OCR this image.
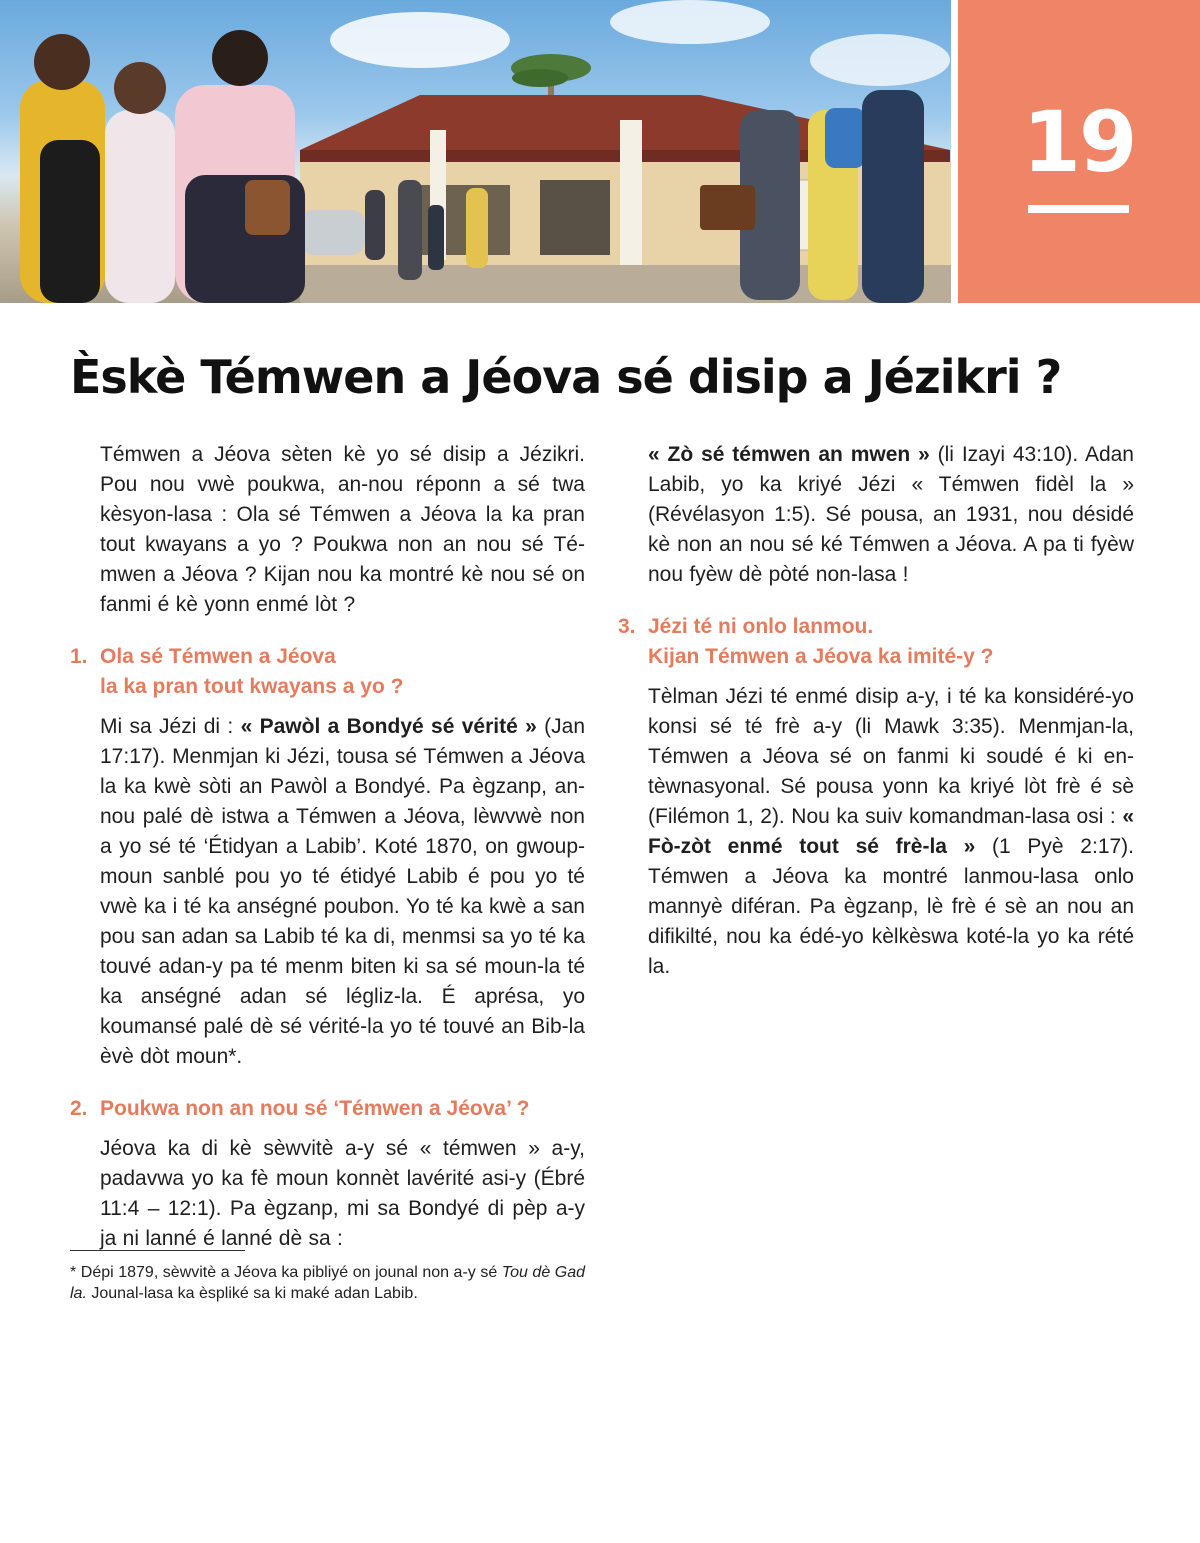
19
Èskè Témwen a Jéova sé disip a Jézikri ?

Témwen a Jéova sèten kè yo sé disip a Jézikri. Pou nou vwè poukwa, an-nou réponn a sé twa kèsyon-lasa : Ola sé Témwen a Jéova la ka pran tout kwayans a yo ? Poukwa non an nou sé Témwen a Jéova ? Kijan nou ka montré kè nou sé on fanmi é kè yonn enmé lòt ?

1. Ola sé Témwen a Jéova
la ka pran tout kwayans a yo ?

Mi sa Jézi di : « Pawòl a Bondyé sé vérité » (Jan 17:17). Menmjan ki Jézi, tousa sé Témwen a Jéova la ka kwè sòti an Pawòl a Bondyé. Pa ègzanp, an-nou palé dè istwa a Témwen a Jéova, lèwvwè non a yo sé té ‘Étidyan a Labib’. Koté 1870, on gwoup-moun sanblé pou yo té étidyé Labib é pou yo té vwè ka i té ka anségné poubon. Yo té ka kwè a san pou san adan sa Labib té ka di, menmsi sa yo té ka touvé adan-y pa té menm biten ki sa sé moun-la té ka anségné adan sé légliz-la. É aprésa, yo koumansé palé dè sé vérité-la yo té touvé an Bib-la èvè dòt moun*.

2. Poukwa non an nou sé ‘Témwen a Jéova’ ?

Jéova ka di kè sèwvitè a-y sé « témwen » a-y, padavwa yo ka fè moun konnèt lavérité asi-y (Ébré 11:4 – 12:1). Pa ègzanp, mi sa Bondyé di pèp a-y ja ni lanné é lanné dè sa :

« Zò sé témwen an mwen » (li Izayi 43:10). Adan Labib, yo ka kriyé Jézi « Témwen fidèl la » (Révélasyon 1:5). Sé pousa, an 1931, nou désidé kè non an nou sé ké Témwen a Jéova. A pa ti fyèw nou fyèw dè pòté non-lasa !

3. Jézi té ni onlo lanmou.
Kijan Témwen a Jéova ka imité-y ?

Tèlman Jézi té enmé disip a-y, i té ka konsidéré-yo konsi sé té frè a-y (li Mawk 3:35). Menmjan-la, Témwen a Jéova sé on fanmi ki soudé é ki entèwnasyonal. Sé pousa yonn ka kriyé lòt frè é sè (Filémon 1, 2). Nou ka suiv komandman-lasa osi : « Fò-zòt enmé tout sé frè-la » (1 Pyè 2:17). Témwen a Jéova ka montré lanmou-lasa onlo mannyè diféran. Pa ègzanp, lè frè é sè an nou an difikilté, nou ka édé-yo kèlkèswa koté-la yo ka rété la.

* Dépi 1879, sèwvitè a Jéova ka pibliyé on jounal non a-y sé Tou dè Gad la. Jounal-lasa ka èspliké sa ki maké adan Labib.
